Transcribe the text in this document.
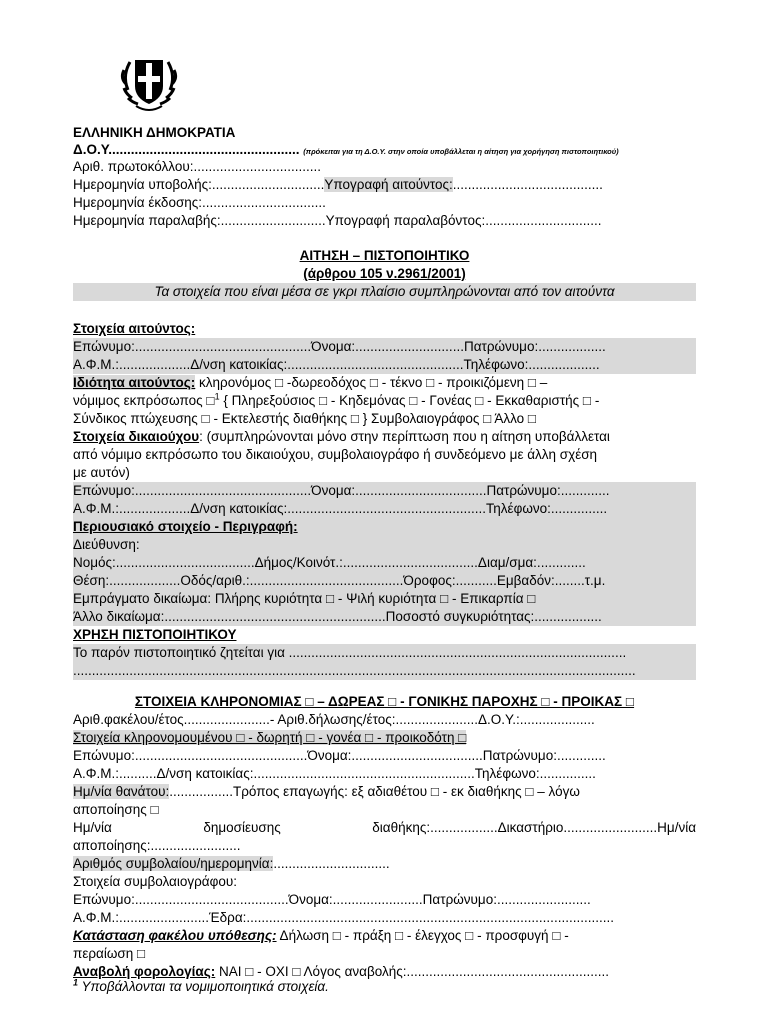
ΕΛΛΗΝΙΚΗ ΔΗΜΟΚΡΑΤΙΑ
Δ.Ο.Υ................................................... (πρόκειται για τη Δ.Ο.Υ. στην οποία υποβάλλεται η αίτηση για χορήγηση πιστοποιητικού)
Αριθ. πρωτοκόλλου:..................................
Ημερομηνία υποβολής:..............................Υπογραφή αιτούντος:........................................
Ημερομηνία έκδοσης:.................................
Ημερομηνία παραλαβής:............................Υπογραφή παραλαβόντος:...............................
ΑΙΤΗΣΗ – ΠΙΣΤΟΠΟΙΗΤΙΚΟ
(άρθρου 105 ν.2961/2001)
Τα στοιχεία που είναι μέσα σε γκρι πλαίσιο συμπληρώνονται από τον αιτούντα
Στοιχεία αιτούντος:
Επώνυμο:...............................................Όνομα:.............................Πατρώνυμο:..................
Α.Φ.Μ.:...................Δ/νση κατοικίας:...............................................Τηλέφωνο:...................
Ιδιότητα αιτούντος: κληρονόμος □ -δωρεοδόχος □ - τέκνο □ - προικιζόμενη □ –
νόμιμος εκπρόσωπος □$^1$ { Πληρεξούσιος □ - Κηδεμόνας □ - Γονέας □ - Εκκαθαριστής □ -
Σύνδικος πτώχευσης □ - Εκτελεστής διαθήκης □ } Συμβολαιογράφος □ Άλλο □
Στοιχεία δικαιούχου: (συμπληρώνονται μόνο στην περίπτωση που η αίτηση υποβάλλεται
από νόμιμο εκπρόσωπο του δικαιούχου, συμβολαιογράφο ή συνδεόμενο με άλλη σχέση
με αυτόν)
Επώνυμο:...............................................Όνομα:...................................Πατρώνυμο:.............
Α.Φ.Μ.:...................Δ/νση κατοικίας:.....................................................Τηλέφωνο:...............
Περιουσιακό στοιχείο - Περιγραφή:
Διεύθυνση:
Νομός:.....................................Δήμος/Κοινότ.:....................................Διαμ/σμα:.............
Θέση:...................Οδός/αριθ.:.........................................Όροφος:...........Εμβαδόν:........τ.μ.
Εμπράγματο δικαίωμα: Πλήρης κυριότητα □ - Ψιλή κυριότητα □ - Επικαρπία □
Άλλο δικαίωμα:...........................................................Ποσοστό συγκυριότητας:..................
ΧΡΗΣΗ ΠΙΣΤΟΠΟΙΗΤΙΚΟΥ
Το παρόν πιστοποιητικό ζητείται για ..........................................................................................
......................................................................................................................................................
ΣΤΟΙΧΕΙΑ ΚΛΗΡΟΝΟΜΙΑΣ □ – ΔΩΡΕΑΣ □ - ΓΟΝΙΚΗΣ ΠΑΡΟΧΗΣ □ - ΠΡΟΙΚΑΣ □
Αριθ.φακέλου/έτος.......................- Αριθ.δήλωσης/έτος:......................Δ.Ο.Υ.:....................
Στοιχεία κληρονομουμένου □ - δωρητή □ - γονέα □ - προικοδότη □
Επώνυμο:..............................................Όνομα:...................................Πατρώνυμο:.............
Α.Φ.Μ.:..........Δ/νση κατοικίας:...........................................................Τηλέφωνο:...............
Ημ/νία θανάτου:.................Τρόπος επαγωγής: εξ αδιαθέτου □ - εκ διαθήκης □ – λόγω
αποποίησης □
Ημ/νία	δημοσίευσης	διαθήκης:..................Δικαστήριο.........................Ημ/νία
αποποίησης:........................
Αριθμός συμβολαίου/ημερομηνία:...............................
Στοιχεία συμβολαιογράφου:
Επώνυμο:.........................................Όνομα:........................Πατρώνυμο:.........................
Α.Φ.Μ.:........................Έδρα:..................................................................................................
Κατάσταση φακέλου υπόθεσης: Δήλωση □ - πράξη □ - έλεγχος □ - προσφυγή □ -
περαίωση □
Αναβολή φορολογίας: ΝΑΙ □ - ΟΧΙ □ Λόγος αναβολής:......................................................
$^1$ Υποβάλλονται τα νομιμοποιητικά στοιχεία.
